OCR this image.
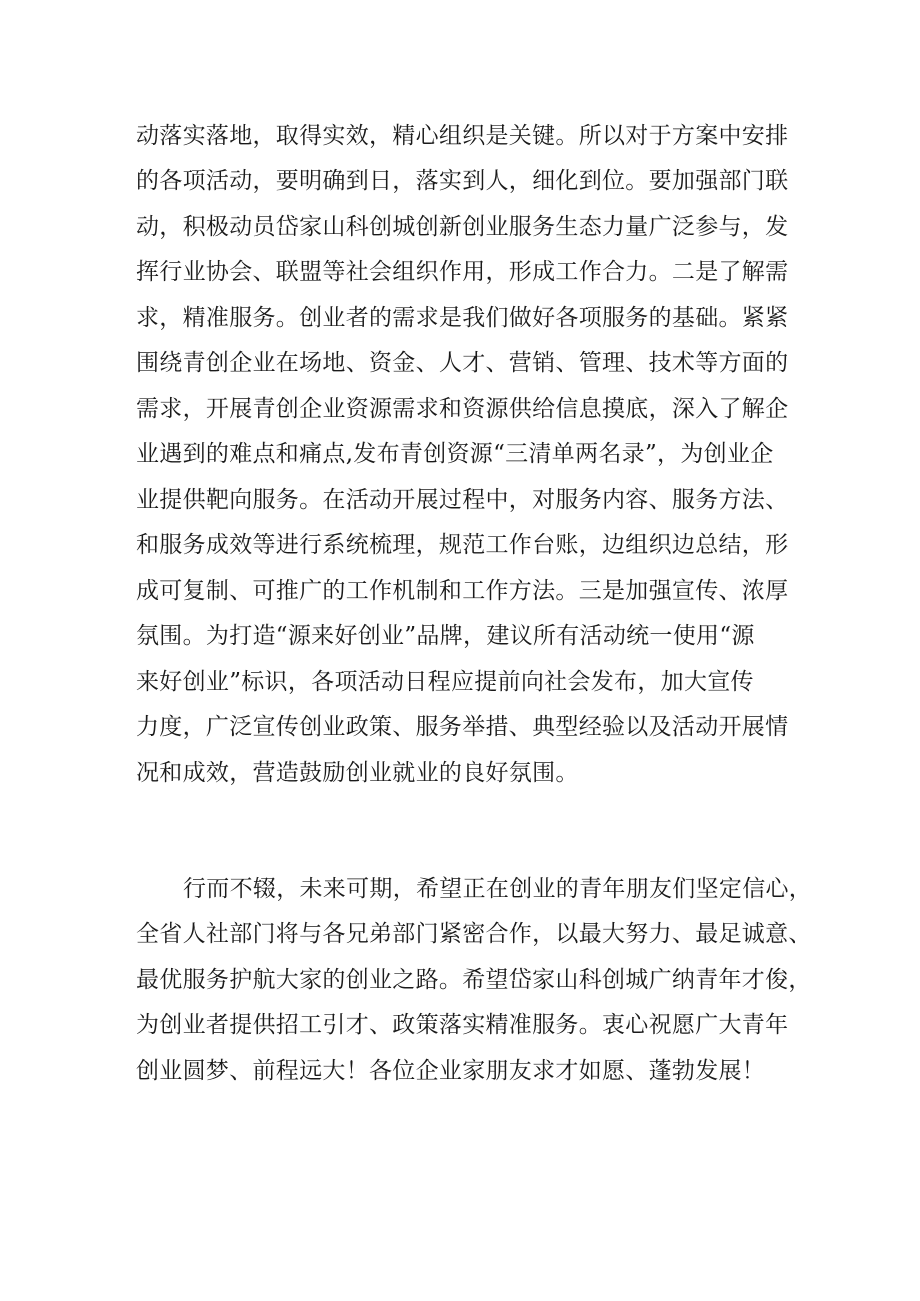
动落实落地，取得实效，精心组织是关键。所以对于方案中安排
的各项活动，要明确到日，落实到人，细化到位。要加强部门联
动，积极动员岱家山科创城创新创业服务生态力量广泛参与，发
挥行业协会、联盟等社会组织作用，形成工作合力。二是了解需
求，精准服务。创业者的需求是我们做好各项服务的基础。紧紧
围绕青创企业在场地、资金、人才、营销、管理、技术等方面的
需求，开展青创企业资源需求和资源供给信息摸底，深入了解企
业遇到的难点和痛点,发布青创资源“三清单两名录”，为创业企
业提供靶向服务。在活动开展过程中，对服务内容、服务方法、
和服务成效等进行系统梳理，规范工作台账，边组织边总结，形
成可复制、可推广的工作机制和工作方法。三是加强宣传、浓厚
氛围。为打造“源来好创业”品牌，建议所有活动统一使用“源
来好创业”标识，各项活动日程应提前向社会发布，加大宣传
力度，广泛宣传创业政策、服务举措、典型经验以及活动开展情
况和成效，营造鼓励创业就业的良好氛围。
行而不辍，未来可期，希望正在创业的青年朋友们坚定信心，
全省人社部门将与各兄弟部门紧密合作，以最大努力、最足诚意、
最优服务护航大家的创业之路。希望岱家山科创城广纳青年才俊，
为创业者提供招工引才、政策落实精准服务。衷心祝愿广大青年
创业圆梦、前程远大！各位企业家朋友求才如愿、蓬勃发展！
